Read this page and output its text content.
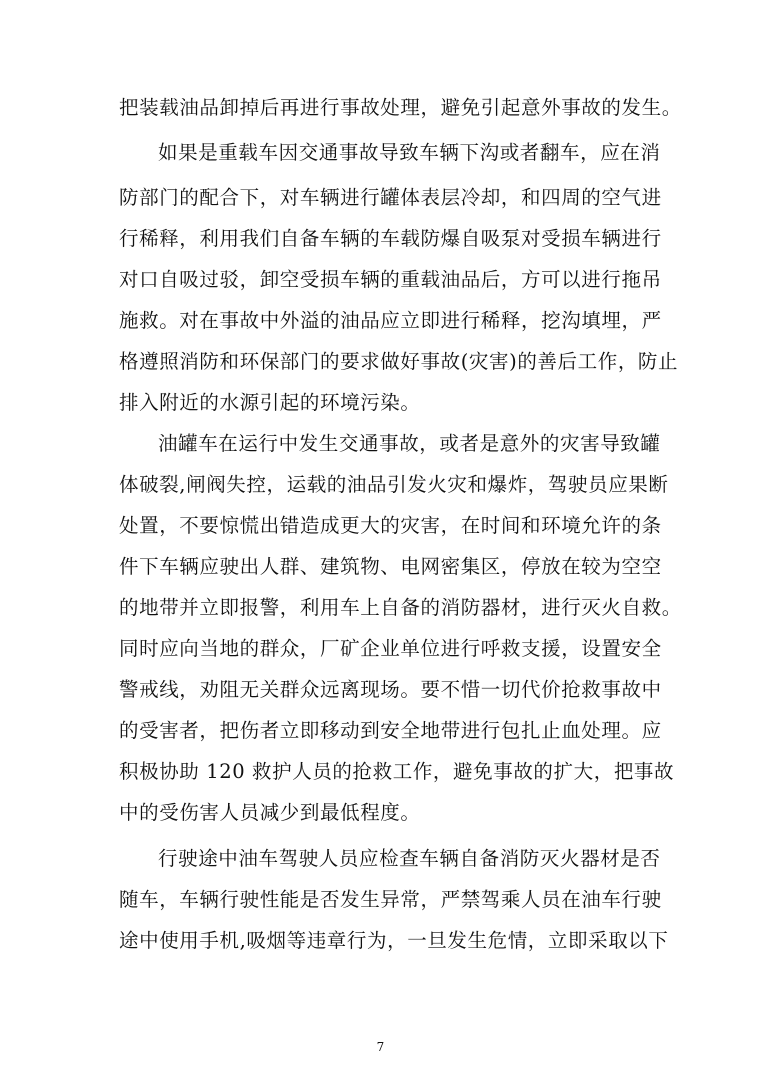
把装载油品卸掉后再进行事故处理，避免引起意外事故的发生。
如果是重载车因交通事故导致车辆下沟或者翻车，应在消
防部门的配合下，对车辆进行罐体表层冷却，和四周的空气进
行稀释，利用我们自备车辆的车载防爆自吸泵对受损车辆进行
对口自吸过驳，卸空受损车辆的重载油品后，方可以进行拖吊
施救。对在事故中外溢的油品应立即进行稀释，挖沟填埋，严
格遵照消防和环保部门的要求做好事故(灾害)的善后工作，防止
排入附近的水源引起的环境污染。
油罐车在运行中发生交通事故，或者是意外的灾害导致罐
体破裂,闸阀失控，运载的油品引发火灾和爆炸，驾驶员应果断
处置，不要惊慌出错造成更大的灾害，在时间和环境允许的条
件下车辆应驶出人群、建筑物、电网密集区，停放在较为空空
的地带并立即报警，利用车上自备的消防器材，进行灭火自救。
同时应向当地的群众，厂矿企业单位进行呼救支援，设置安全
警戒线，劝阻无关群众远离现场。要不惜一切代价抢救事故中
的受害者，把伤者立即移动到安全地带进行包扎止血处理。应
积极协助 120 救护人员的抢救工作，避免事故的扩大，把事故
中的受伤害人员减少到最低程度。
行驶途中油车驾驶人员应检查车辆自备消防灭火器材是否
随车，车辆行驶性能是否发生异常，严禁驾乘人员在油车行驶
途中使用手机,吸烟等违章行为，一旦发生危情，立即采取以下
7
